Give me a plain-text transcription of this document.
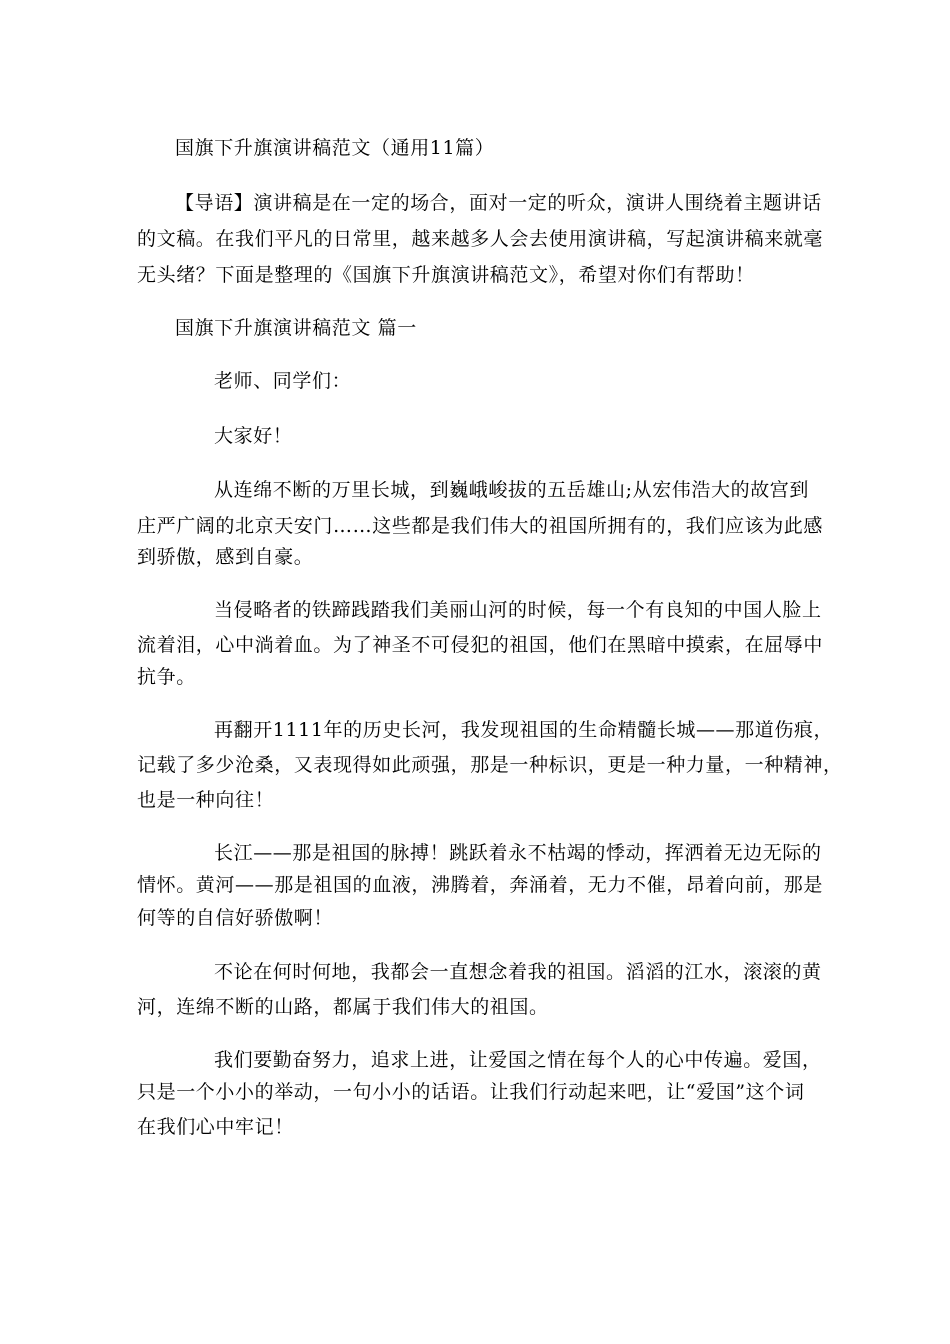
国旗下升旗演讲稿范文（通用11篇）
【导语】演讲稿是在一定的场合，面对一定的听众，演讲人围绕着主题讲话
的文稿。在我们平凡的日常里，越来越多人会去使用演讲稿，写起演讲稿来就毫
无头绪？下面是整理的《国旗下升旗演讲稿范文》，希望对你们有帮助！
国旗下升旗演讲稿范文 篇一
老师、同学们：
大家好！
从连绵不断的万里长城，到巍峨峻拔的五岳雄山;从宏伟浩大的故宫到
庄严广阔的北京天安门……这些都是我们伟大的祖国所拥有的，我们应该为此感
到骄傲，感到自豪。
当侵略者的铁蹄践踏我们美丽山河的时候，每一个有良知的中国人脸上
流着泪，心中淌着血。为了神圣不可侵犯的祖国，他们在黑暗中摸索，在屈辱中
抗争。
再翻开1111年的历史长河，我发现祖国的生命精髓长城——那道伤痕，
记载了多少沧桑，又表现得如此顽强，那是一种标识，更是一种力量，一种精神，
也是一种向往！
长江——那是祖国的脉搏！跳跃着永不枯竭的悸动，挥洒着无边无际的
情怀。黄河——那是祖国的血液，沸腾着，奔涌着，无力不催，昂着向前，那是
何等的自信好骄傲啊！
不论在何时何地，我都会一直想念着我的祖国。滔滔的江水，滚滚的黄
河，连绵不断的山路，都属于我们伟大的祖国。
我们要勤奋努力，追求上进，让爱国之情在每个人的心中传遍。爱国，
只是一个小小的举动，一句小小的话语。让我们行动起来吧，让“爱国”这个词
在我们心中牢记！
